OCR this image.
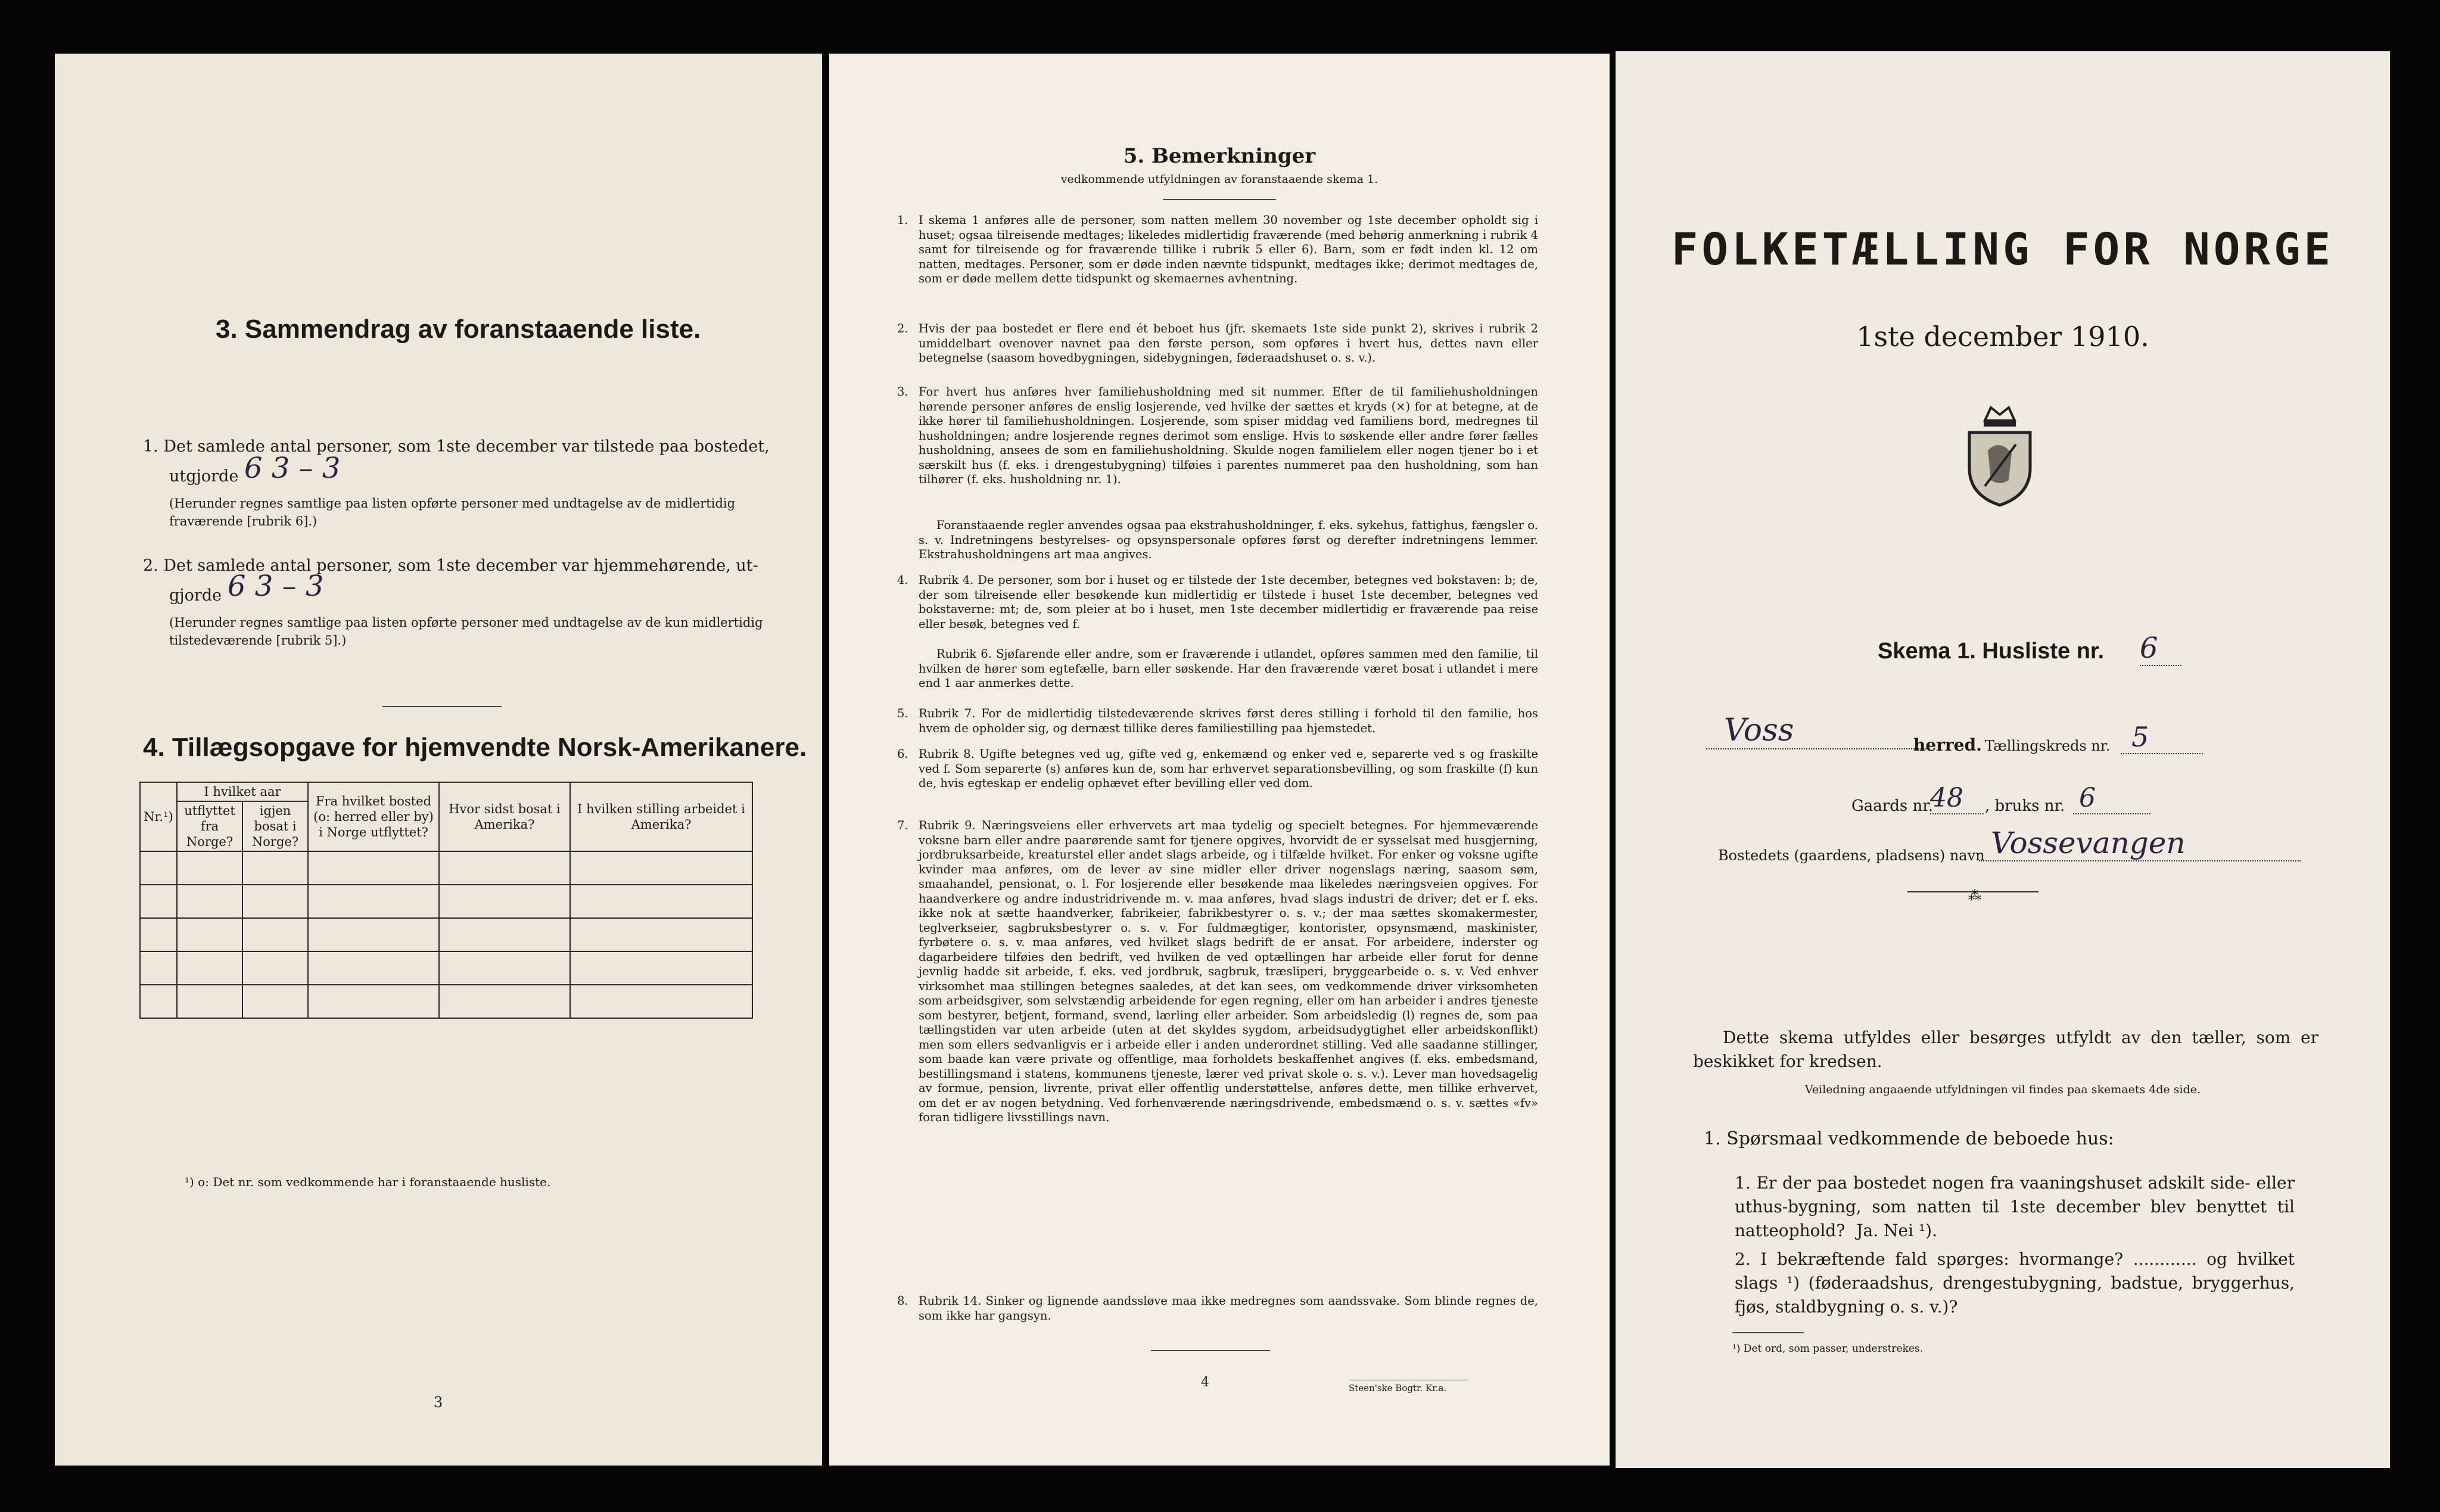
3. Sammendrag av foranstaaende liste.
1. Det samlede antal personer, som 1ste december var tilstede paa bostedet,
utgjorde 6 3 – 3
(Herunder regnes samtlige paa listen opførte personer med undtagelse av de midlertidig fraværende [rubrik 6].)
2. Det samlede antal personer, som 1ste december var hjemmehørende, ut-
gjorde 6 3 – 3
(Herunder regnes samtlige paa listen opførte personer med undtagelse av de kun midlertidig tilstedeværende [rubrik 5].)
4. Tillægsopgave for hjemvendte Norsk-Amerikanere.
Nr.¹)	I hvilket aar		Fra hvilket bosted (o: herred eller by) i Norge utflyttet?	Hvor sidst bosat i Amerika?	I hvilken stilling arbeidet i Amerika?
	utflyttet fra Norge?	igjen bosat i Norge?			

¹) o: Det nr. som vedkommende har i foranstaaende husliste.
3
5. Bemerkninger
vedkommende utfyldningen av foranstaaende skema 1.
1. I skema 1 anføres alle de personer, som natten mellem 30 november og 1ste december opholdt sig i huset; ogsaa tilreisende medtages; likeledes midlertidig fraværende (med behørig anmerkning i rubrik 4 samt for tilreisende og for fraværende tillike i rubrik 5 eller 6). Barn, som er født inden kl. 12 om natten, medtages. Personer, som er døde inden nævnte tidspunkt, medtages ikke; derimot medtages de, som er døde mellem dette tidspunkt og skemaernes avhentning.
2. Hvis der paa bostedet er flere end ét beboet hus (jfr. skemaets 1ste side punkt 2), skrives i rubrik 2 umiddelbart ovenover navnet paa den første person, som opføres i hvert hus, dettes navn eller betegnelse (saasom hovedbygningen, sidebygningen, føderaadshuset o. s. v.).
3. For hvert hus anføres hver familiehusholdning med sit nummer. Efter de til familiehusholdningen hørende personer anføres de enslig losjerende, ved hvilke der sættes et kryds (×) for at betegne, at de ikke hører til familiehusholdningen. Losjerende, som spiser middag ved familiens bord, medregnes til husholdningen; andre losjerende regnes derimot som enslige. Hvis to søskende eller andre fører fælles husholdning, ansees de som en familiehusholdning. Skulde nogen familielem eller nogen tjener bo i et særskilt hus (f. eks. i drengestubygning) tilføies i parentes nummeret paa den husholdning, som han tilhører (f. eks. husholdning nr. 1).
Foranstaaende regler anvendes ogsaa paa ekstrahusholdninger, f. eks. sykehus, fattighus, fængsler o. s. v. Indretningens bestyrelses- og opsynspersonale opføres først og derefter indretningens lemmer. Ekstrahusholdningens art maa angives.
4. Rubrik 4. De personer, som bor i huset og er tilstede der 1ste december, betegnes ved bokstaven: b; de, der som tilreisende eller besøkende kun midlertidig er tilstede i huset 1ste december, betegnes ved bokstaverne: mt; de, som pleier at bo i huset, men 1ste december midlertidig er fraværende paa reise eller besøk, betegnes ved f.
Rubrik 6. Sjøfarende eller andre, som er fraværende i utlandet, opføres sammen med den familie, til hvilken de hører som egtefælle, barn eller søskende. Har den fraværende været bosat i utlandet i mere end 1 aar anmerkes dette.
5. Rubrik 7. For de midlertidig tilstedeværende skrives først deres stilling i forhold til den familie, hos hvem de opholder sig, og dernæst tillike deres familiestilling paa hjemstedet.
6. Rubrik 8. Ugifte betegnes ved ug, gifte ved g, enkemænd og enker ved e, separerte ved s og fraskilte ved f. Som separerte (s) anføres kun de, som har erhvervet separationsbevilling, og som fraskilte (f) kun de, hvis egteskap er endelig ophævet efter bevilling eller ved dom.
7. Rubrik 9. Næringsveiens eller erhvervets art maa tydelig og specielt betegnes. For hjemmeværende voksne barn eller andre paarørende samt for tjenere opgives, hvorvidt de er sysselsat med husgjerning, jordbruksarbeide, kreaturstel eller andet slags arbeide, og i tilfælde hvilket. For enker og voksne ugifte kvinder maa anføres, om de lever av sine midler eller driver nogenslags næring, saasom søm, smaahandel, pensionat, o. l. For losjerende eller besøkende maa likeledes næringsveien opgives. For haandverkere og andre industridrivende m. v. maa anføres, hvad slags industri de driver; det er f. eks. ikke nok at sætte haandverker, fabrikeier, fabrikbestyrer o. s. v.; der maa sættes skomakermester, teglverkseier, sagbruksbestyrer o. s. v. For fuldmægtiger, kontorister, opsynsmænd, maskinister, fyrbøtere o. s. v. maa anføres, ved hvilket slags bedrift de er ansat. For arbeidere, inderster og dagarbeidere tilføies den bedrift, ved hvilken de ved optællingen har arbeide eller forut for denne jevnlig hadde sit arbeide, f. eks. ved jordbruk, sagbruk, træsliperi, bryggearbeide o. s. v. Ved enhver virksomhet maa stillingen betegnes saaledes, at det kan sees, om vedkommende driver virksomheten som arbeidsgiver, som selvstændig arbeidende for egen regning, eller om han arbeider i andres tjeneste som bestyrer, betjent, formand, svend, lærling eller arbeider. Som arbeidsledig (l) regnes de, som paa tællingstiden var uten arbeide (uten at det skyldes sygdom, arbeidsudygtighet eller arbeidskonflikt) men som ellers sedvanligvis er i arbeide eller i anden underordnet stilling. Ved alle saadanne stillinger, som baade kan være private og offentlige, maa forholdets beskaffenhet angives (f. eks. embedsmand, bestillingsmand i statens, kommunens tjeneste, lærer ved privat skole o. s. v.). Lever man hovedsagelig av formue, pension, livrente, privat eller offentlig understøttelse, anføres dette, men tillike erhvervet, om det er av nogen betydning. Ved forhenværende næringsdrivende, embedsmænd o. s. v. sættes «fv» foran tidligere livsstillings navn.
8. Rubrik 14. Sinker og lignende aandssløve maa ikke medregnes som aandssvake. Som blinde regnes de, som ikke har gangsyn.
4	Steen'ske Bogtr. Kr.a.
FOLKETÆLLING FOR NORGE
1ste december 1910.
Skema 1. Husliste nr. 6
Voss	herred. Tællingskreds nr. 5
Gaards nr.
48	, bruks nr. 6
Bostedets (gaardens, pladsens) navn Vossevangen
⁂
Dette skema utfyldes eller besørges utfyldt av den tæller, som er beskikket for kredsen.
Veiledning angaaende utfyldningen vil findes paa skemaets 4de side.
1. Spørsmaal vedkommende de beboede hus:
1. Er der paa bostedet nogen fra vaaningshuset adskilt side- eller uthus-bygning, som natten til 1ste december blev benyttet til natteophold? Ja. Nei ¹).
2. I bekræftende fald spørges: hvormange? ............ og hvilket slags ¹) (føderaadshus, drengestubygning, badstue, bryggerhus, fjøs, staldbygning o. s. v.)?
¹) Det ord, som passer, understrekes.
